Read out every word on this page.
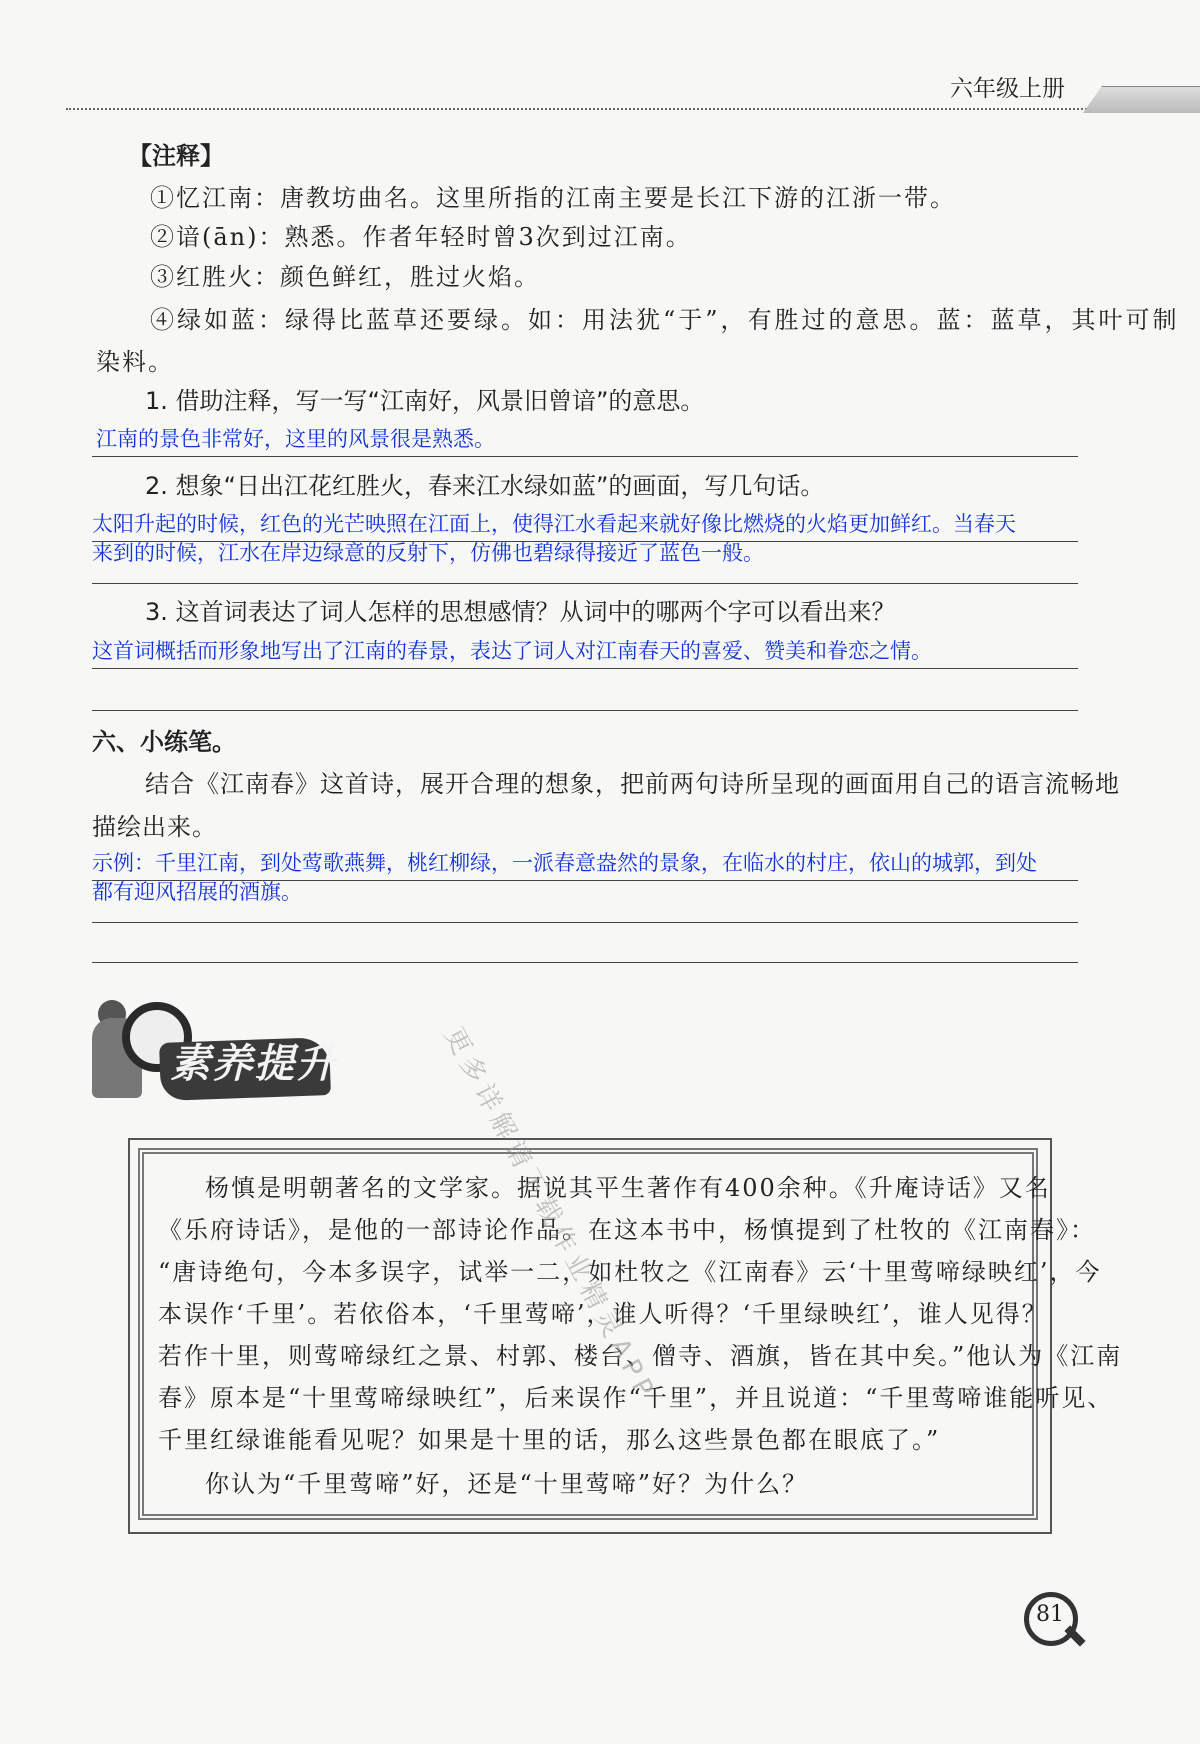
六年级上册
【注释】
①忆江南：唐教坊曲名。这里所指的江南主要是长江下游的江浙一带。
②谙(ān)：熟悉。作者年轻时曾3次到过江南。
③红胜火：颜色鲜红，胜过火焰。
④绿如蓝：绿得比蓝草还要绿。如：用法犹“于”，有胜过的意思。蓝：蓝草，其叶可制
染料。
1. 借助注释，写一写“江南好，风景旧曾谙”的意思。
江南的景色非常好，这里的风景很是熟悉。
2. 想象“日出江花红胜火，春来江水绿如蓝”的画面，写几句话。
太阳升起的时候，红色的光芒映照在江面上，使得江水看起来就好像比燃烧的火焰更加鲜红。当春天
来到的时候，江水在岸边绿意的反射下，仿佛也碧绿得接近了蓝色一般。
3. 这首词表达了词人怎样的思想感情？从词中的哪两个字可以看出来？
这首词概括而形象地写出了江南的春景，表达了词人对江南春天的喜爱、赞美和眷恋之情。
六、小练笔。
结合《江南春》这首诗，展开合理的想象，把前两句诗所呈现的画面用自己的语言流畅地
描绘出来。
示例：千里江南，到处莺歌燕舞，桃红柳绿，一派春意盎然的景象，在临水的村庄，依山的城郭，到处
都有迎风招展的酒旗。
素养提升
杨慎是明朝著名的文学家。据说其平生著作有400余种。《升庵诗话》又名
《乐府诗话》，是他的一部诗论作品。在这本书中，杨慎提到了杜牧的《江南春》：
“唐诗绝句，今本多误字，试举一二，如杜牧之《江南春》云‘十里莺啼绿映红’，今
本误作‘千里’。若依俗本，‘千里莺啼’，谁人听得？‘千里绿映红’，谁人见得？
若作十里，则莺啼绿红之景、村郭、楼台、僧寺、酒旗，皆在其中矣。”他认为《江南
春》原本是“十里莺啼绿映红”，后来误作“千里”，并且说道：“千里莺啼谁能听见、
千里红绿谁能看见呢？如果是十里的话，那么这些景色都在眼底了。”
你认为“千里莺啼”好，还是“十里莺啼”好？为什么？
更多详解请下载作业精灵APP
81
